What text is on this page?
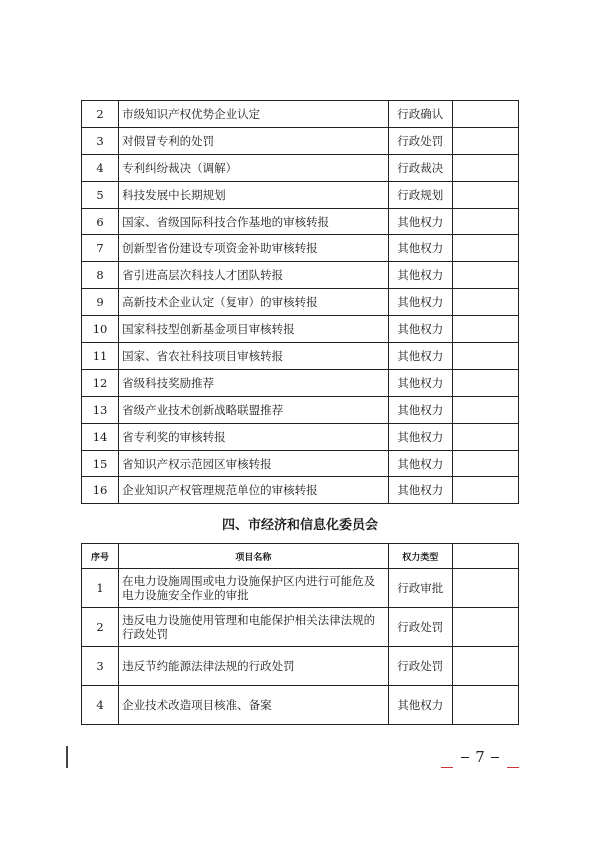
2	市级知识产权优势企业认定	行政确认	
3	对假冒专利的处罚	行政处罚	
4	专利纠纷裁决（调解）	行政裁决	
5	科技发展中长期规划	行政规划	
6	国家、省级国际科技合作基地的审核转报	其他权力	
7	创新型省份建设专项资金补助审核转报	其他权力	
8	省引进高层次科技人才团队转报	其他权力	
9	高新技术企业认定（复审）的审核转报	其他权力	
10	国家科技型创新基金项目审核转报	其他权力	
11	国家、省农社科技项目审核转报	其他权力	
12	省级科技奖励推荐	其他权力	
13	省级产业技术创新战略联盟推荐	其他权力	
14	省专利奖的审核转报	其他权力	
15	省知识产权示范园区审核转报	其他权力	
16	企业知识产权管理规范单位的审核转报	其他权力	
四、市经济和信息化委员会
序号	项目名称	权力类型	
1	在电力设施周围或电力设施保护区内进行可能危及电力设施安全作业的审批	行政审批	
2	违反电力设施使用管理和电能保护相关法律法规的行政处罚	行政处罚	
3	违反节约能源法律法规的行政处罚	行政处罚	
4	企业技术改造项目核准、备案	其他权力	
7
